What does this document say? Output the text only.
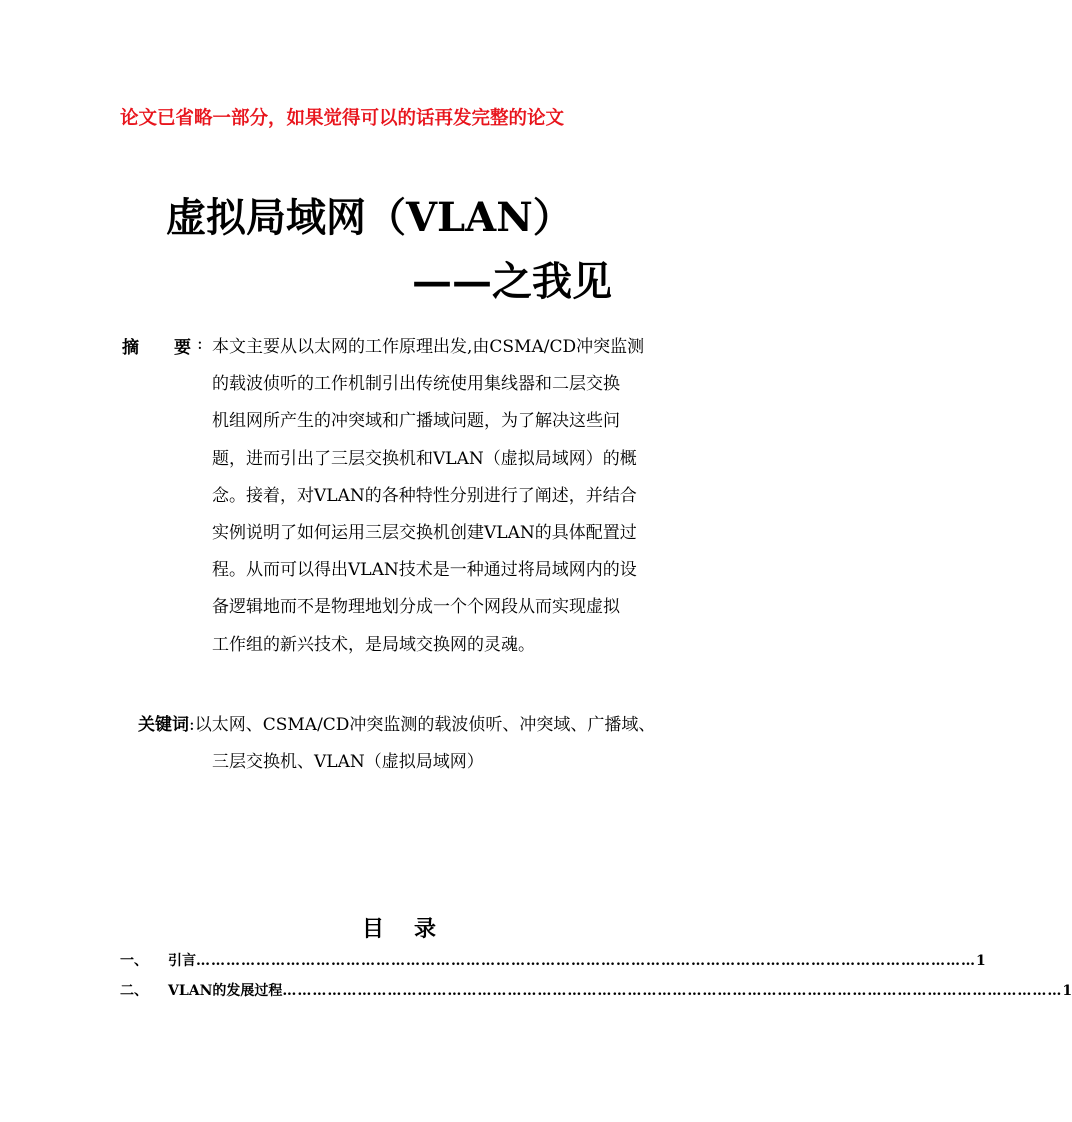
论文已省略一部分，如果觉得可以的话再发完整的论文
虚拟局域网（VLAN）
——之我见
摘 要 : 本文主要从以太网的工作原理出发,由CSMA/CD冲突监测
的载波侦听的工作机制引出传统使用集线器和二层交换
机组网所产生的冲突域和广播域问题，为了解决这些问
题，进而引出了三层交换机和VLAN（虚拟局域网）的概
念。接着，对VLAN的各种特性分别进行了阐述，并结合
实例说明了如何运用三层交换机创建VLAN的具体配置过
程。从而可以得出VLAN技术是一种通过将局域网内的设
备逻辑地而不是物理地划分成一个个网段从而实现虚拟
工作组的新兴技术，是局域交换网的灵魂。
关键词:以太网、CSMA/CD冲突监测的载波侦听、冲突域、广播域、
三层交换机、VLAN（虚拟局域网）
目 录
一、	引言 ………………………………………………………………………………………………………………………………………… 1
二、	VLAN的发展过程 ………………………………………………………………………………………………………………………………………… 1
